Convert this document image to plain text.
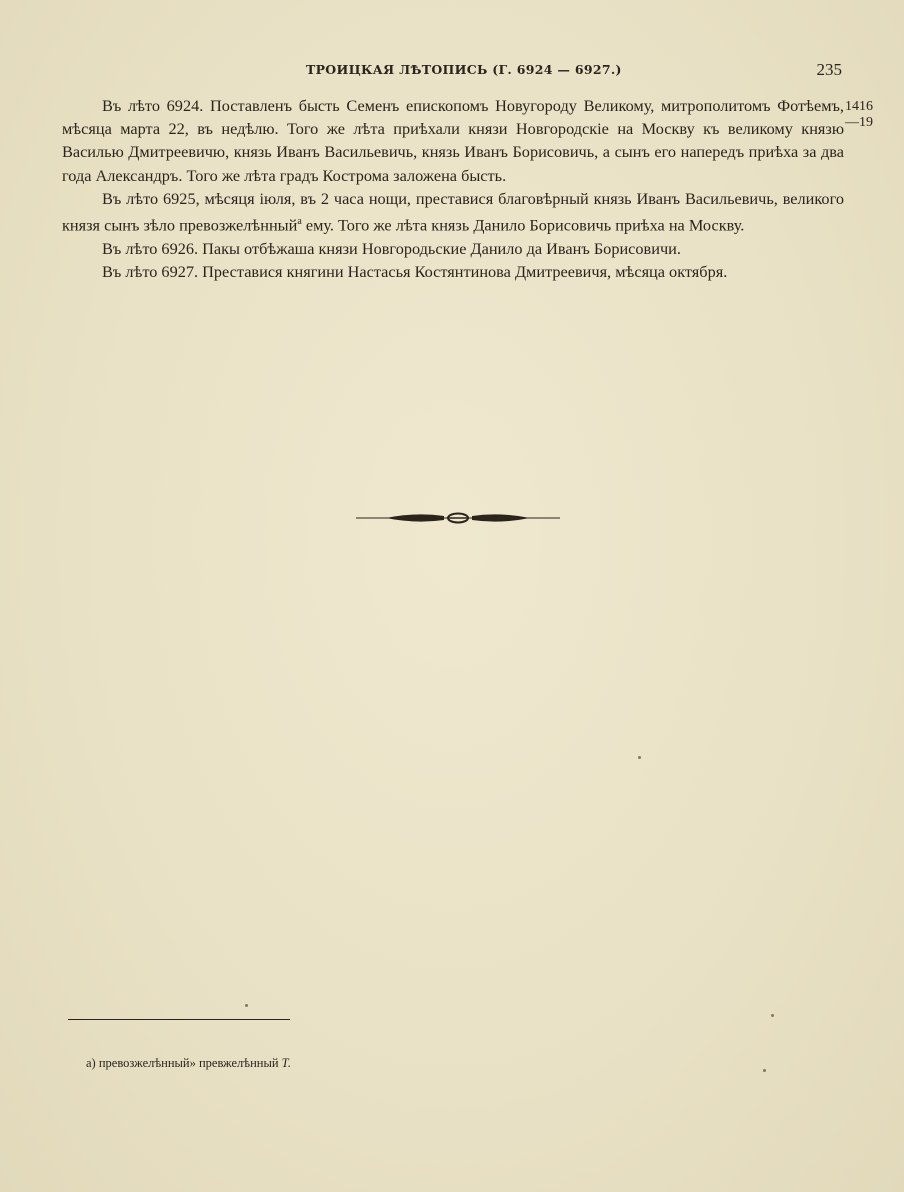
ТРОИЦКАЯ ЛѢТОПИСЬ (Г. 6924 — 6927.)	235
1416
—19

Въ лѣто 6924. Поставленъ бысть Семенъ епископомъ Новугороду Великому, митрополитомъ Фотѣемъ, мѣсяца марта 22, въ недѣлю. Того же лѣта приѣхали князи Новгородскіе на Москву къ великому князю Василью Дмитреевичю, князь Иванъ Васильевичь, князь Иванъ Борисовичь, а сынъ его напередъ приѣха за два года Александръ. Того же лѣта градъ Кострома заложена бысть.

Въ лѣто 6925, мѣсяця іюля, въ 2 часа нощи, преставися благовѣрный князь Иванъ Васильевичь, великого князя сынъ зѣло превозжелѣнный$^a$ ему. Того же лѣта князь Данило Борисовичь приѣха на Москву.

Въ лѣто 6926. Пакы отбѣжаша князи Новгородьские Данило да Иванъ Борисовичи.

Въ лѣто 6927. Преставися княгини Настасья Костянтинова Дмитреевичя, мѣсяца октября.

а) превозжелѣнный» превжелѣнный Т.
